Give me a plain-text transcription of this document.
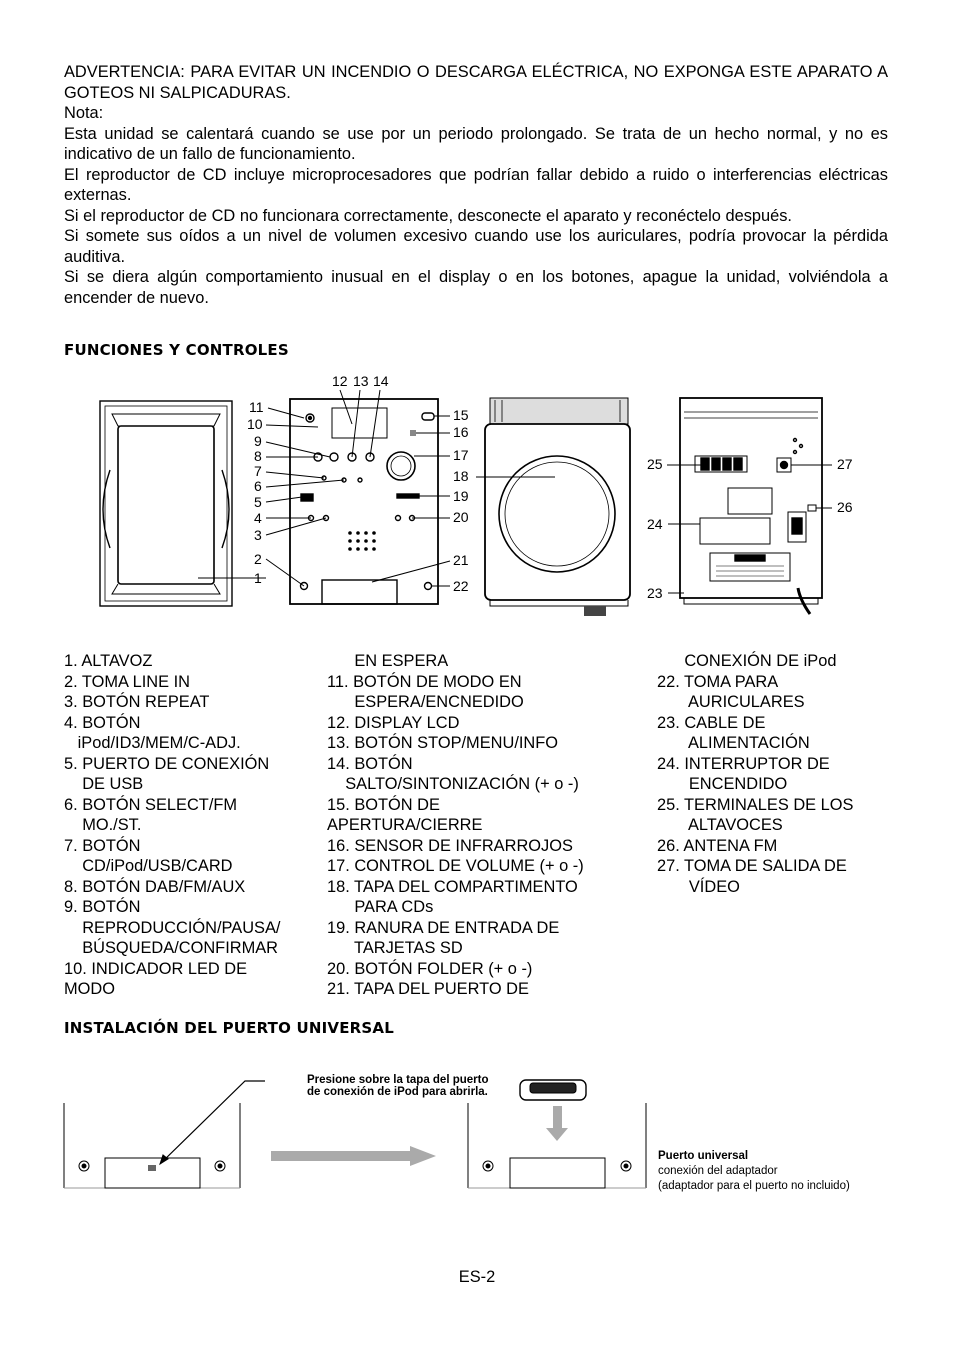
ADVERTENCIA: PARA EVITAR UN INCENDIO O DESCARGA ELÉCTRICA, NO EXPONGA ESTE APARATO A GOTEOS NI SALPICADURAS.

Nota:

Esta unidad se calentará cuando se use por un periodo prolongado. Se trata de un hecho normal, y no es indicativo de un fallo de funcionamiento.

El reproductor de CD incluye microprocesadores que podrían fallar debido a ruido o interferencias eléctricas externas.

Si el reproductor de CD no funcionara correctamente, desconecte el aparato y reconéctelo después.

Si somete sus oídos a un nivel de volumen excesivo cuando use los auriculares, podría provocar la pérdida auditiva.

Si se diera algún comportamiento inusual en el display o en los botones, apague la unidad, volviéndola a encender de nuevo.

FUNCIONES Y CONTROLES
11
10
9
8
7
6
5
4
3
2
1
12 13 14
15
16
17
18
19
20
21
22
25
24
23
27
26
1. ALTAVOZ
2. TOMA LINE IN
3. BOTÓN REPEAT
4. BOTÓN
iPod/ID3/MEM/C-ADJ.
5. PUERTO DE CONEXIÓN
DE USB
6. BOTÓN SELECT/FM
MO./ST.
7. BOTÓN
CD/iPod/USB/CARD
8. BOTÓN DAB/FM/AUX
9. BOTÓN
REPRODUCCIÓN/PAUSA/
BÚSQUEDA/CONFIRMAR
10. INDICADOR LED DE
MODO
EN ESPERA
11. BOTÓN DE MODO EN
ESPERA/ENCNEDIDO
12. DISPLAY LCD
13. BOTÓN STOP/MENU/INFO
14. BOTÓN
SALTO/SINTONIZACIÓN (+ o -)
15. BOTÓN DE
APERTURA/CIERRE
16. SENSOR DE INFRARROJOS
17. CONTROL DE VOLUME (+ o -)
18. TAPA DEL COMPARTIMENTO
PARA CDs
19. RANURA DE ENTRADA DE
TARJETAS SD
20. BOTÓN FOLDER (+ o -)
21. TAPA DEL PUERTO DE
CONEXIÓN DE iPod
22. TOMA PARA
AURICULARES
23. CABLE DE
ALIMENTACIÓN
24. INTERRUPTOR DE
ENCENDIDO
25. TERMINALES DE LOS
ALTAVOCES
26. ANTENA FM
27. TOMA DE SALIDA DE
VÍDEO
INSTALACIÓN DEL PUERTO UNIVERSAL
Presione sobre la tapa del puerto
de conexión de iPod para abrirla.
Puerto universal
conexión del adaptador
(adaptador para el puerto no incluido)
ES-2
